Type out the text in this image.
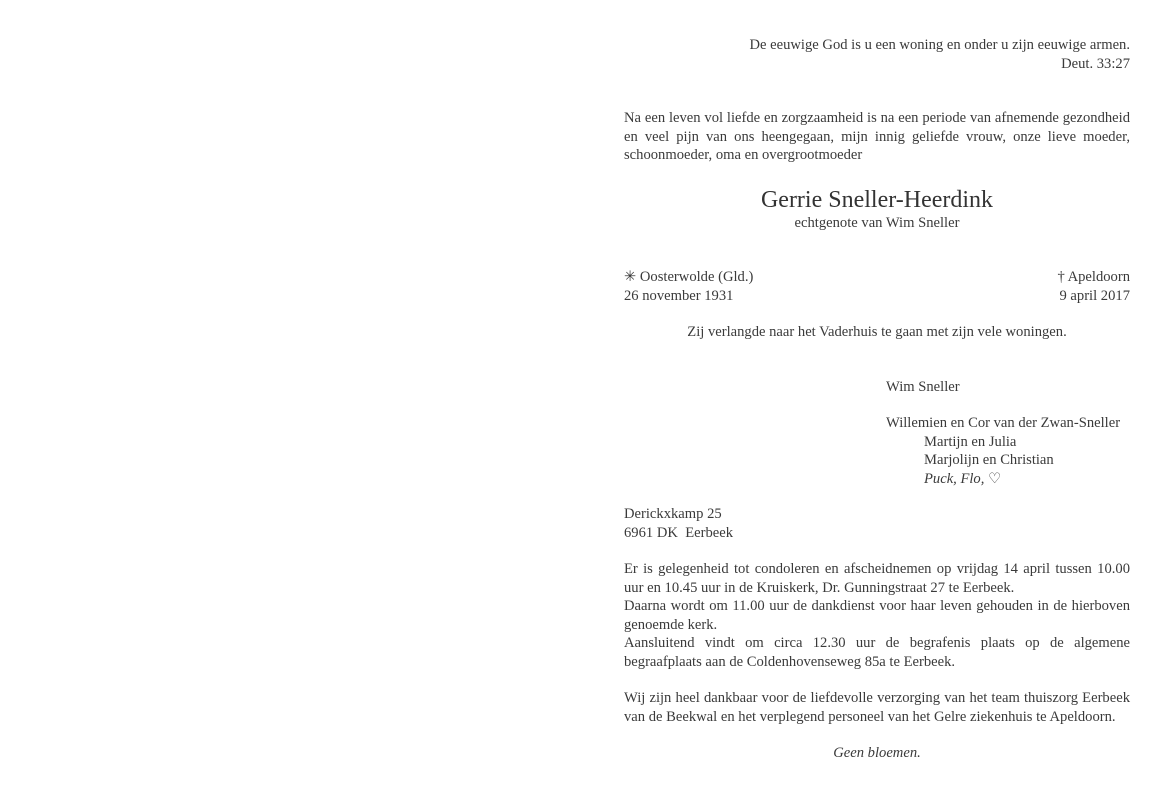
De eeuwige God is u een woning en onder u zijn eeuwige armen.
Deut. 33:27
Na een leven vol liefde en zorgzaamheid is na een periode van afnemende gezondheid en veel pijn van ons heengegaan, mijn innig geliefde vrouw, onze lieve moeder, schoonmoeder, oma en overgrootmoeder
Gerrie Sneller-Heerdink
echtgenote van Wim Sneller
✳ Oosterwolde (Gld.)	† Apeldoorn
26 november 1931	9 april 2017
Zij verlangde naar het Vaderhuis te gaan met zijn vele woningen.
Wim Sneller
Willemien en Cor van der Zwan-Sneller
Martijn en Julia
Marjolijn en Christian
Puck, Flo, ♡
Derickxkamp 25
6961 DK  Eerbeek

Er is gelegenheid tot condoleren en afscheidnemen op vrijdag 14 april tussen 10.00 uur en 10.45 uur in de Kruiskerk, Dr. Gunningstraat 27 te Eerbeek.

Daarna wordt om 11.00 uur de dankdienst voor haar leven gehouden in de hierboven genoemde kerk.

Aansluitend vindt om circa 12.30 uur de begrafenis plaats op de algemene begraafplaats aan de Coldenhovenseweg 85a te Eerbeek.

Wij zijn heel dankbaar voor de liefdevolle verzorging van het team thuiszorg Eerbeek van de Beekwal en het verplegend personeel van het Gelre ziekenhuis te Apeldoorn.
Geen bloemen.
